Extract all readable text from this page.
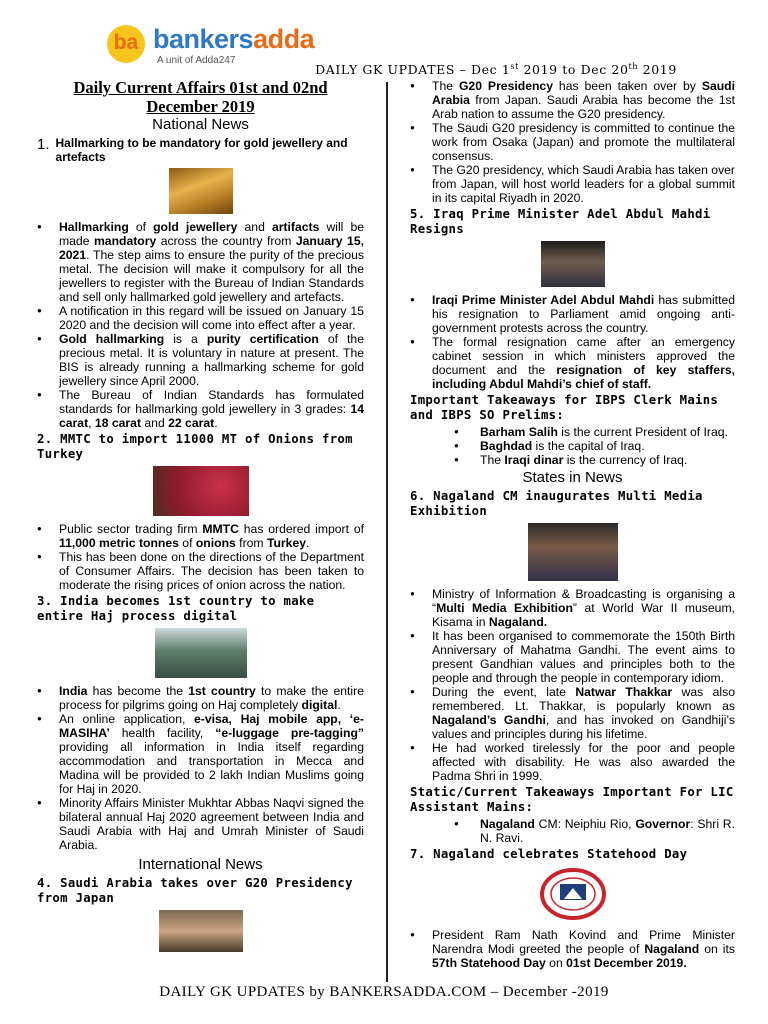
ba bankersadda
A unit of Adda247
DAILY GK UPDATES – Dec 1st 2019 to Dec 20th 2019
Daily Current Affairs 01st and 02nd December 2019
National News
1. Hallmarking to be mandatory for gold jewellery and artefacts
● Hallmarking of gold jewellery and artifacts will be made mandatory across the country from January 15, 2021. The step aims to ensure the purity of the precious metal. The decision will make it compulsory for all the jewellers to register with the Bureau of Indian Standards and sell only hallmarked gold jewellery and artefacts.
● A notification in this regard will be issued on January 15 2020 and the decision will come into effect after a year.
● Gold hallmarking is a purity certification of the precious metal. It is voluntary in nature at present. The BIS is already running a hallmarking scheme for gold jewellery since April 2000.
● The Bureau of Indian Standards has formulated standards for hallmarking gold jewellery in 3 grades: 14 carat, 18 carat and 22 carat.
2. MMTC to import 11000 MT of Onions from Turkey
● Public sector trading firm MMTC has ordered import of 11,000 metric tonnes of onions from Turkey.
● This has been done on the directions of the Department of Consumer Affairs. The decision has been taken to moderate the rising prices of onion across the nation.
3. India becomes 1st country to make entire Haj process digital
● India has become the 1st country to make the entire process for pilgrims going on Haj completely digital.
● An online application, e-visa, Haj mobile app, ‘e-MASIHA’ health facility, “e-luggage pre-tagging” providing all information in India itself regarding accommodation and transportation in Mecca and Madina will be provided to 2 lakh Indian Muslims going for Haj in 2020.
● Minority Affairs Minister Mukhtar Abbas Naqvi signed the bilateral annual Haj 2020 agreement between India and Saudi Arabia with Haj and Umrah Minister of Saudi Arabia.
International News
4. Saudi Arabia takes over G20 Presidency from Japan
● The G20 Presidency has been taken over by Saudi Arabia from Japan. Saudi Arabia has become the 1st Arab nation to assume the G20 presidency.
● The Saudi G20 presidency is committed to continue the work from Osaka (Japan) and promote the multilateral consensus.
● The G20 presidency, which Saudi Arabia has taken over from Japan, will host world leaders for a global summit in its capital Riyadh in 2020.
5. Iraq Prime Minister Adel Abdul Mahdi Resigns
● Iraqi Prime Minister Adel Abdul Mahdi has submitted his resignation to Parliament amid ongoing anti-government protests across the country.
● The formal resignation came after an emergency cabinet session in which ministers approved the document and the resignation of key staffers, including Abdul Mahdi’s chief of staff.
Important Takeaways for IBPS Clerk Mains and IBPS SO Prelims:
● Barham Salih is the current President of Iraq.
● Baghdad is the capital of Iraq.
● The Iraqi dinar is the currency of Iraq.
States in News
6. Nagaland CM inaugurates Multi Media Exhibition
● Ministry of Information & Broadcasting is organising a “Multi Media Exhibition” at World War II museum, Kisama in Nagaland.
● It has been organised to commemorate the 150th Birth Anniversary of Mahatma Gandhi. The event aims to present Gandhian values and principles both to the people and through the people in contemporary idiom.
● During the event, late Natwar Thakkar was also remembered. Lt. Thakkar, is popularly known as Nagaland’s Gandhi, and has invoked on Gandhiji’s values and principles during his lifetime.
● He had worked tirelessly for the poor and people affected with disability. He was also awarded the Padma Shri in 1999.
Static/Current Takeaways Important For LIC Assistant Mains:
● Nagaland CM: Neiphiu Rio, Governor: Shri R. N. Ravi.
7. Nagaland celebrates Statehood Day
● President Ram Nath Kovind and Prime Minister Narendra Modi greeted the people of Nagaland on its 57th Statehood Day on 01st December 2019.
DAILY GK UPDATES by BANKERSADDA.COM – December -2019
